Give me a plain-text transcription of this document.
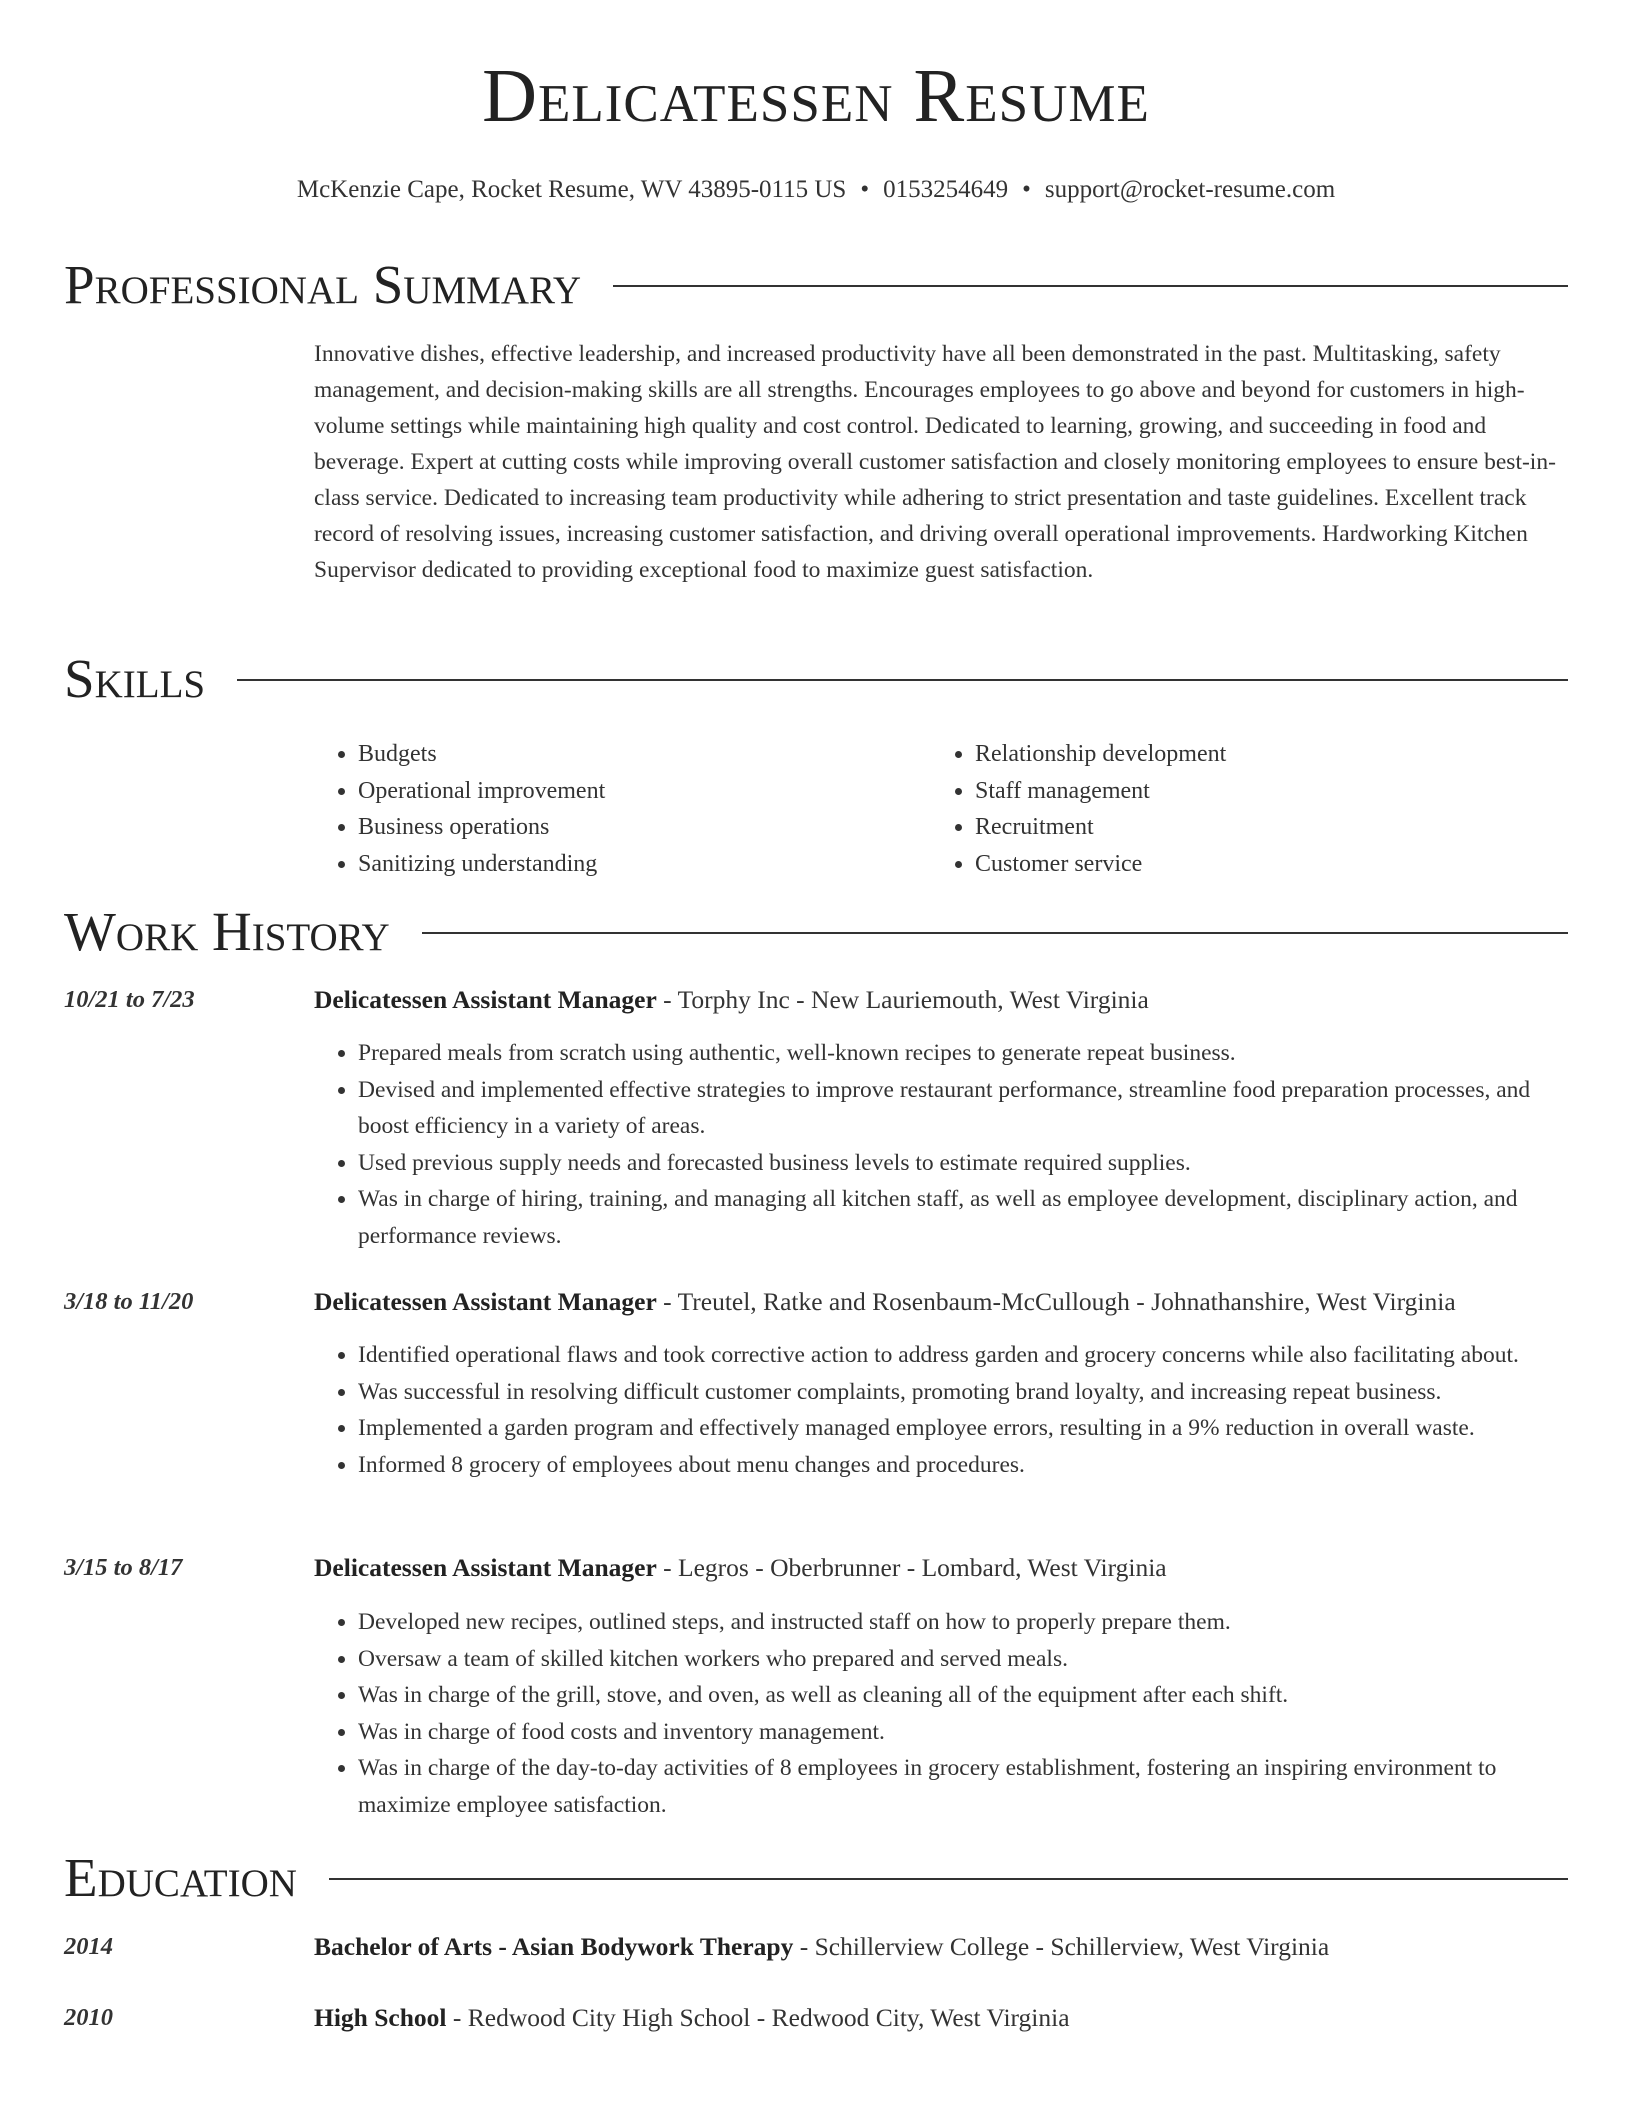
Delicatessen Resume
McKenzie Cape, Rocket Resume, WV 43895-0115 US • 0153254649 • support@rocket-resume.com
Professional Summary

Innovative dishes, effective leadership, and increased productivity have all been demonstrated in the past. Multitasking, safety management, and decision-making skills are all strengths. Encourages employees to go above and beyond for customers in high-volume settings while maintaining high quality and cost control. Dedicated to learning, growing, and succeeding in food and beverage. Expert at cutting costs while improving overall customer satisfaction and closely monitoring employees to ensure best-in-class service. Dedicated to increasing team productivity while adhering to strict presentation and taste guidelines. Excellent track record of resolving issues, increasing customer satisfaction, and driving overall operational improvements. Hardworking Kitchen Supervisor dedicated to providing exceptional food to maximize guest satisfaction.

Skills
• Budgets
• Operational improvement
• Business operations
• Sanitizing understanding
• Relationship development
• Staff management
• Recruitment
• Customer service
Work History
10/21 to 7/23	Delicatessen Assistant Manager - Torphy Inc - New Lauriemouth, West Virginia
• Prepared meals from scratch using authentic, well-known recipes to generate repeat business.
• Devised and implemented effective strategies to improve restaurant performance, streamline food preparation processes, and boost efficiency in a variety of areas.
• Used previous supply needs and forecasted business levels to estimate required supplies.
• Was in charge of hiring, training, and managing all kitchen staff, as well as employee development, disciplinary action, and performance reviews.
3/18 to 11/20	Delicatessen Assistant Manager - Treutel, Ratke and Rosenbaum-McCullough - Johnathanshire, West Virginia
• Identified operational flaws and took corrective action to address garden and grocery concerns while also facilitating about.
• Was successful in resolving difficult customer complaints, promoting brand loyalty, and increasing repeat business.
• Implemented a garden program and effectively managed employee errors, resulting in a 9% reduction in overall waste.
• Informed 8 grocery of employees about menu changes and procedures.
3/15 to 8/17	Delicatessen Assistant Manager - Legros - Oberbrunner - Lombard, West Virginia
• Developed new recipes, outlined steps, and instructed staff on how to properly prepare them.
• Oversaw a team of skilled kitchen workers who prepared and served meals.
• Was in charge of the grill, stove, and oven, as well as cleaning all of the equipment after each shift.
• Was in charge of food costs and inventory management.
• Was in charge of the day-to-day activities of 8 employees in grocery establishment, fostering an inspiring environment to maximize employee satisfaction.
Education
2014	Bachelor of Arts - Asian Bodywork Therapy - Schillerview College - Schillerview, West Virginia
2010	High School - Redwood City High School - Redwood City, West Virginia
